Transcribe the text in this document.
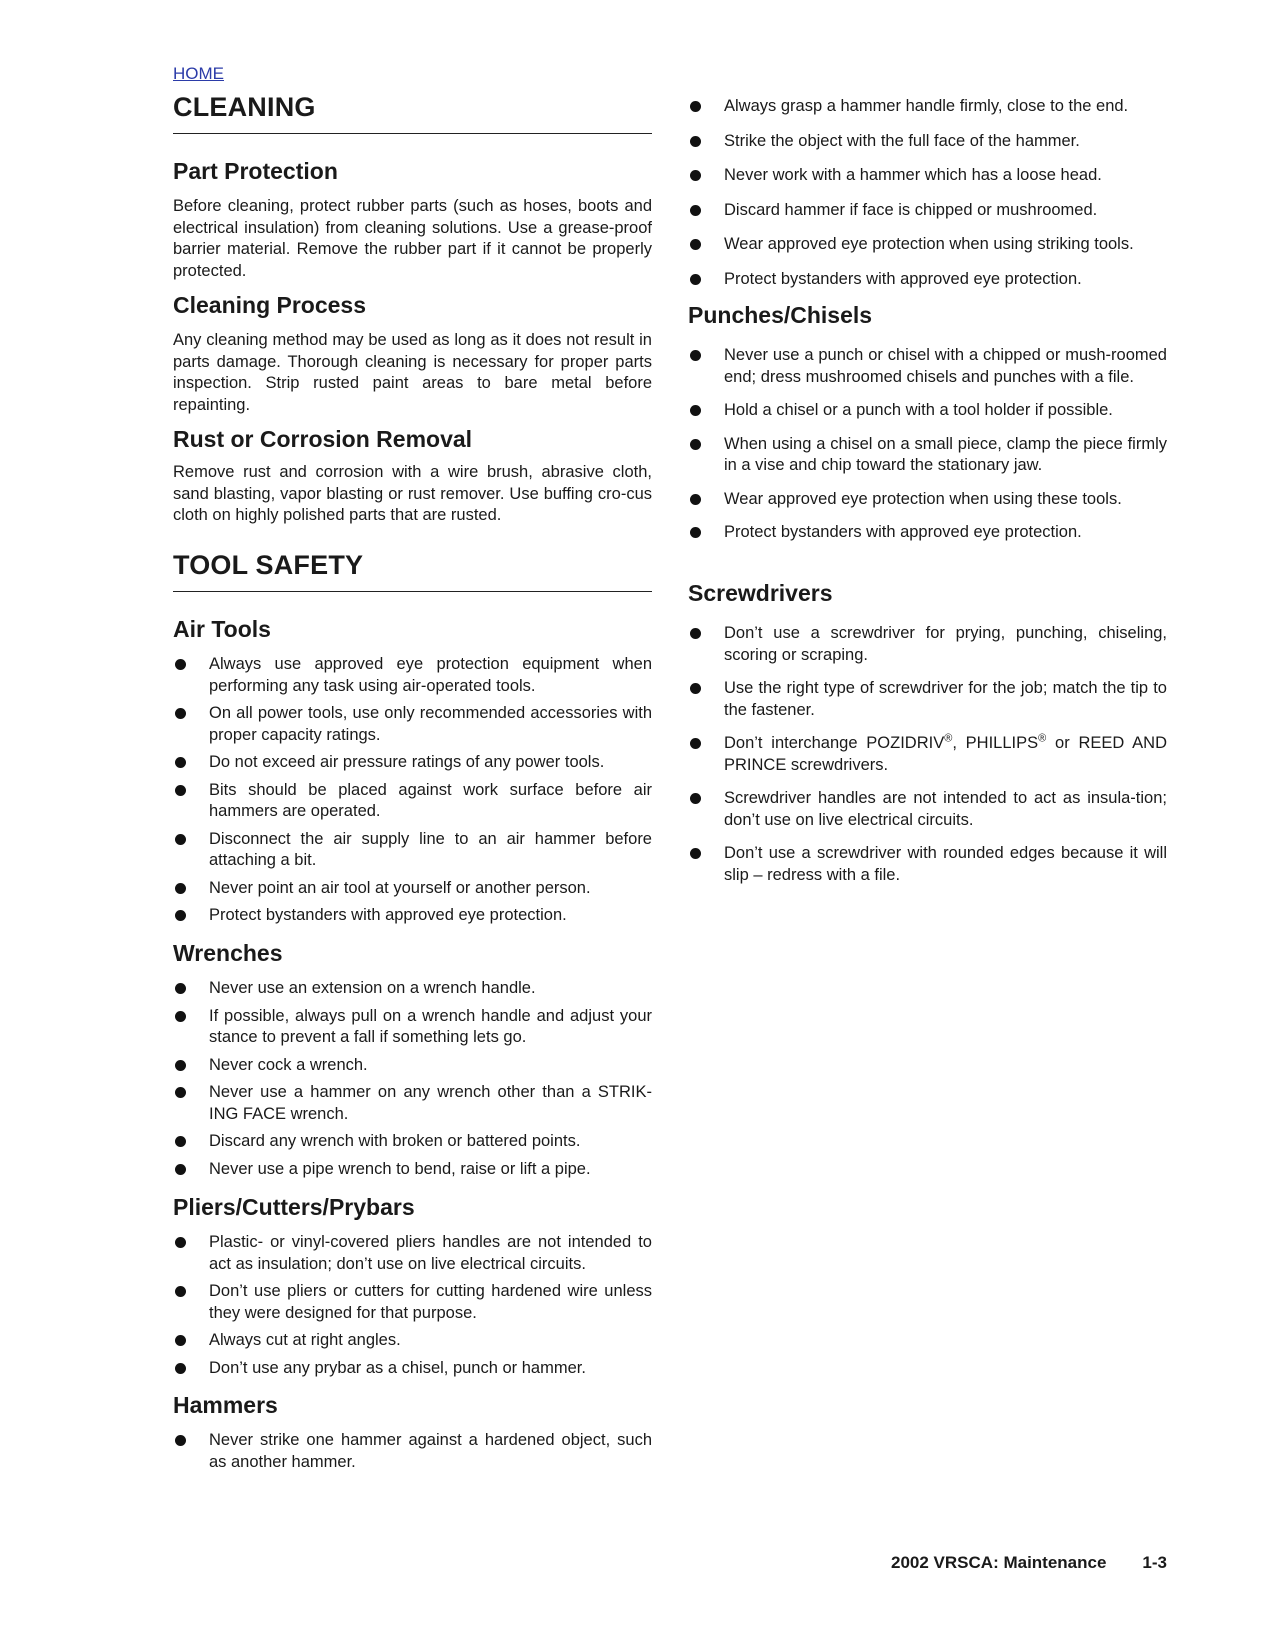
HOME
CLEANING
Part Protection

Before cleaning, protect rubber parts (such as hoses, boots and electrical insulation) from cleaning solutions. Use a grease-proof barrier material. Remove the rubber part if it cannot be properly protected.

Cleaning Process

Any cleaning method may be used as long as it does not result in parts damage. Thorough cleaning is necessary for proper parts inspection. Strip rusted paint areas to bare metal before repainting.

Rust or Corrosion Removal

Remove rust and corrosion with a wire brush, abrasive cloth, sand blasting, vapor blasting or rust remover. Use buffing cro-cus cloth on highly polished parts that are rusted.

TOOL SAFETY
Air Tools
Always use approved eye protection equipment when performing any task using air-operated tools.
On all power tools, use only recommended accessories with proper capacity ratings.
Do not exceed air pressure ratings of any power tools.
Bits should be placed against work surface before air hammers are operated.
Disconnect the air supply line to an air hammer before attaching a bit.
Never point an air tool at yourself or another person.
Protect bystanders with approved eye protection.
Wrenches
Never use an extension on a wrench handle.
If possible, always pull on a wrench handle and adjust your stance to prevent a fall if something lets go.
Never cock a wrench.
Never use a hammer on any wrench other than a STRIK-ING FACE wrench.
Discard any wrench with broken or battered points.
Never use a pipe wrench to bend, raise or lift a pipe.
Pliers/Cutters/Prybars
Plastic- or vinyl-covered pliers handles are not intended to act as insulation; don’t use on live electrical circuits.
Don’t use pliers or cutters for cutting hardened wire unless they were designed for that purpose.
Always cut at right angles.
Don’t use any prybar as a chisel, punch or hammer.
Hammers
Never strike one hammer against a hardened object, such as another hammer.
Always grasp a hammer handle firmly, close to the end.
Strike the object with the full face of the hammer.
Never work with a hammer which has a loose head.
Discard hammer if face is chipped or mushroomed.
Wear approved eye protection when using striking tools.
Protect bystanders with approved eye protection.
Punches/Chisels
Never use a punch or chisel with a chipped or mush-roomed end; dress mushroomed chisels and punches with a file.
Hold a chisel or a punch with a tool holder if possible.
When using a chisel on a small piece, clamp the piece firmly in a vise and chip toward the stationary jaw.
Wear approved eye protection when using these tools.
Protect bystanders with approved eye protection.
Screwdrivers
Don’t use a screwdriver for prying, punching, chiseling, scoring or scraping.
Use the right type of screwdriver for the job; match the tip to the fastener.
Don’t interchange POZIDRIV®, PHILLIPS® or REED AND PRINCE screwdrivers.
Screwdriver handles are not intended to act as insula-tion; don’t use on live electrical circuits.
Don’t use a screwdriver with rounded edges because it will slip – redress with a file.
2002 VRSCA: Maintenance 1-3
